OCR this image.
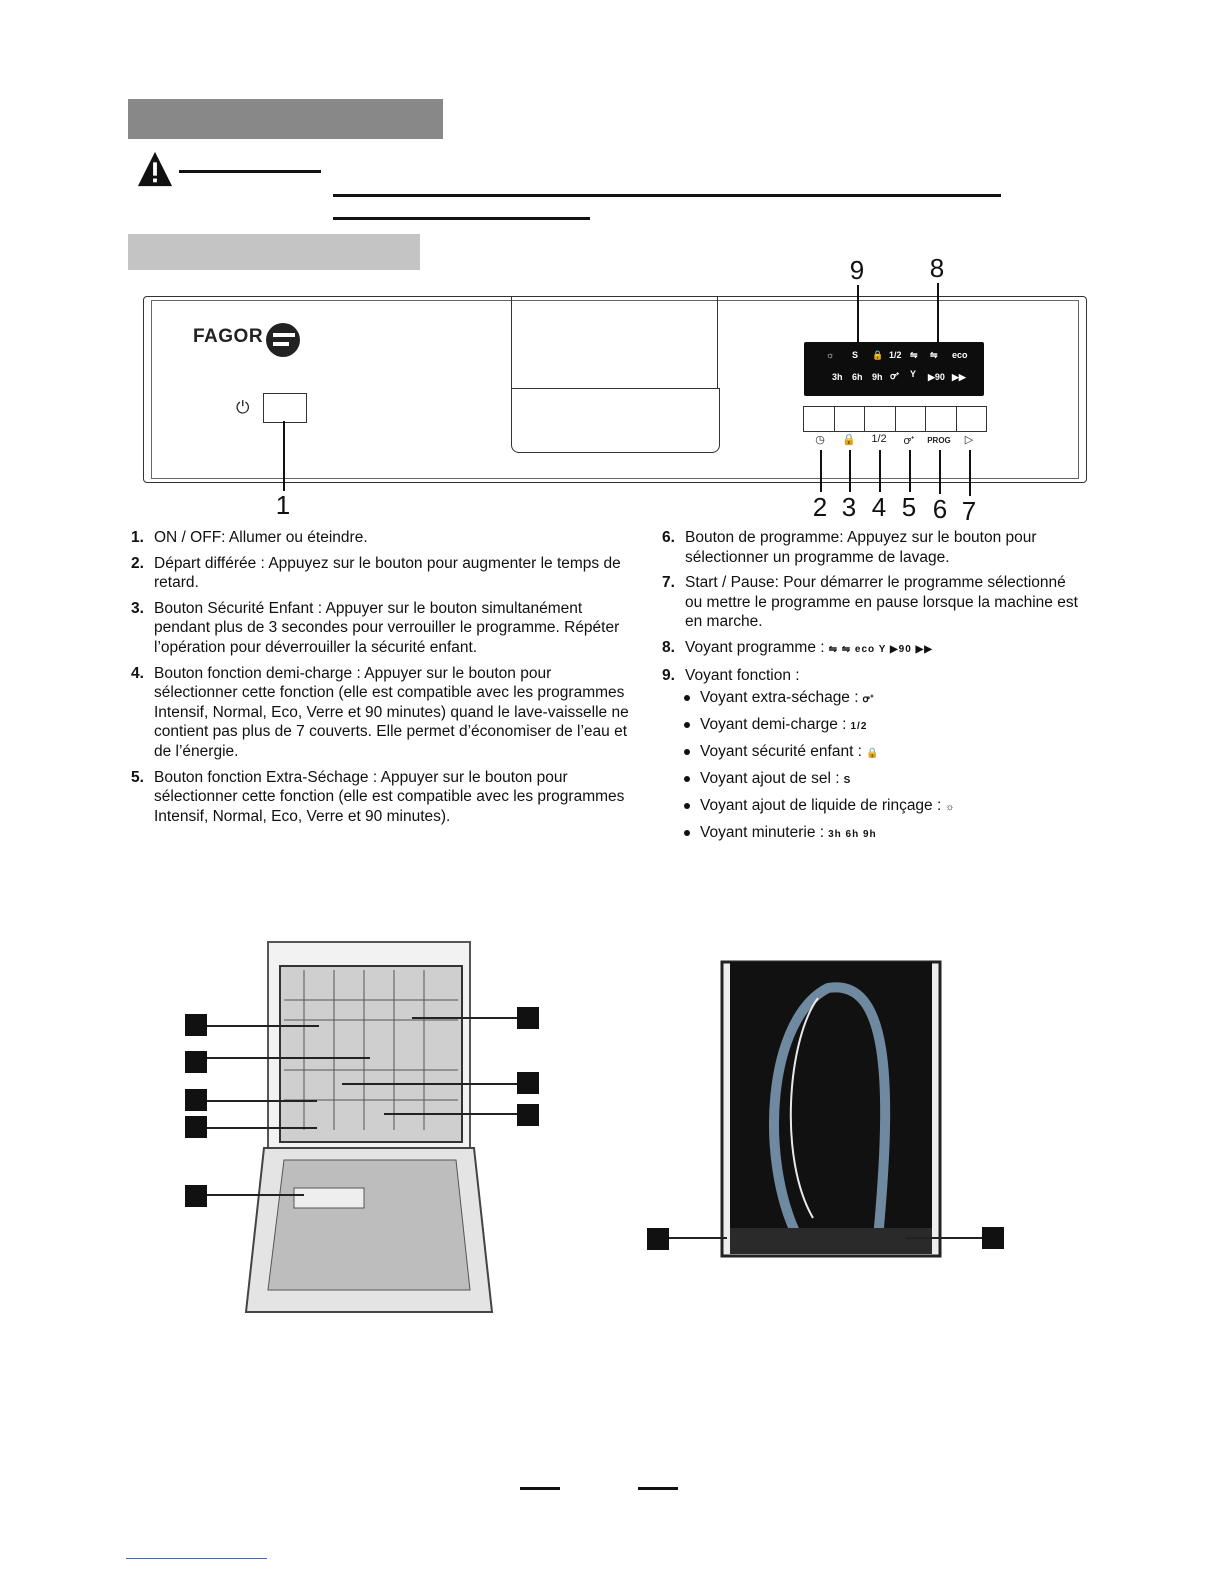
FAGOR
⏻
☼ S 🔒 1/2 ⇋ ⇋ eco
3h 6h 9h ꝍ⁺ Y ▶90 ▶▶
◷ 🔒 1/2 ꝍ⁺ PROG ▷
1	2 3 4 5 6 7
8
9
1. ON / OFF: Allumer ou éteindre.
2. Départ différée : Appuyez sur le bouton pour augmenter le temps de retard.
3. Bouton Sécurité Enfant : Appuyer sur le bouton simultanément pendant plus de 3 secondes pour verrouiller le programme. Répéter l’opération pour déverrouiller la sécurité enfant.
4. Bouton fonction demi-charge : Appuyer sur le bouton pour sélectionner cette fonction (elle est compatible avec les programmes Intensif, Normal, Eco, Verre et 90 minutes) quand le lave-vaisselle ne contient pas plus de 7 couverts. Elle permet d’économiser de l’eau et de l’énergie.
5. Bouton fonction Extra-Séchage : Appuyer sur le bouton pour sélectionner cette fonction (elle est compatible avec les programmes Intensif, Normal, Eco, Verre et 90 minutes).
6. Bouton de programme: Appuyez sur le bouton pour sélectionner un programme de lavage.
7. Start / Pause: Pour démarrer le programme sélectionné ou mettre le programme en pause lorsque la machine est en marche.
8. Voyant programme : ⇋ ⇋ eco Y ▶90 ▶▶
9. Voyant fonction :
Voyant extra-séchage : ꝍ⁺
Voyant demi-charge : 1/2
Voyant sécurité enfant : 🔒
Voyant ajout de sel : S
Voyant ajout de liquide de rinçage : ☼
Voyant minuterie : 3h 6h 9h
